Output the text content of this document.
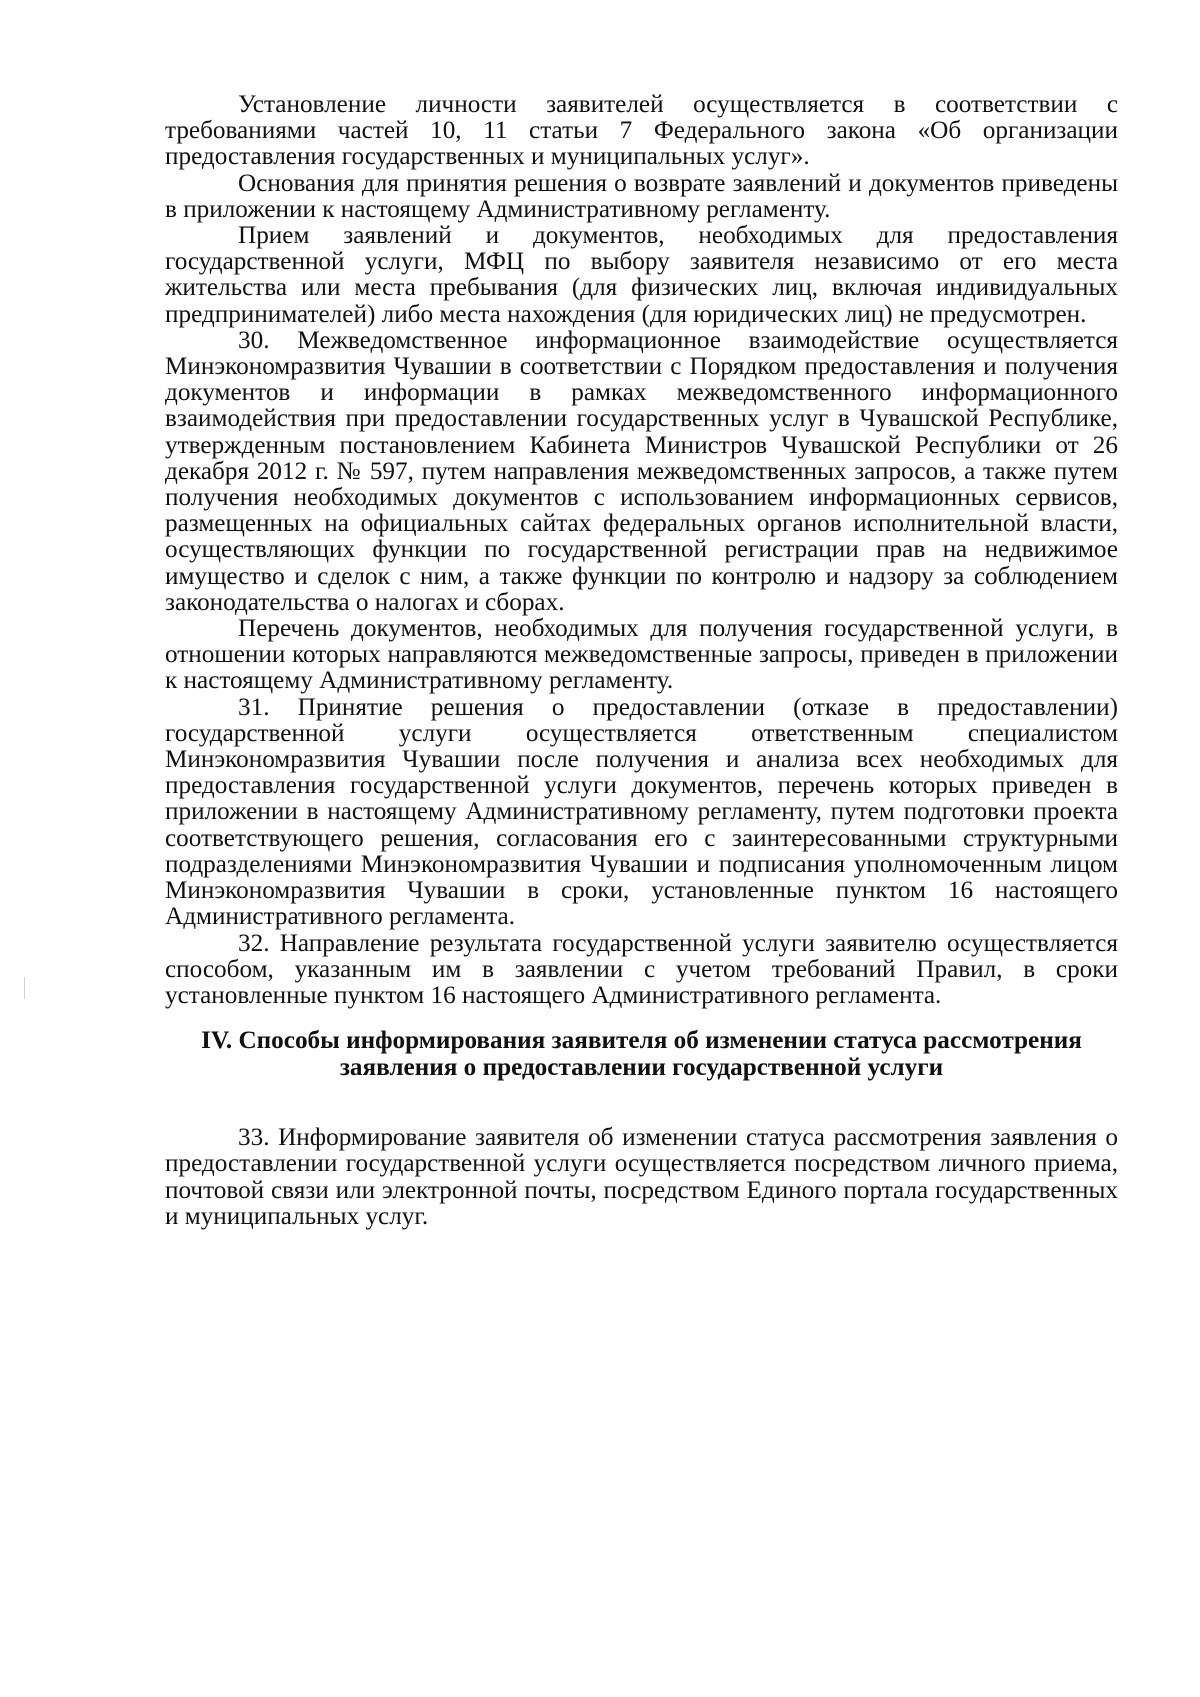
Установление личности заявителей осуществляется в соответствии с требованиями частей 10, 11 статьи 7 Федерального закона «Об организации предоставления государственных и муниципальных услуг».

Основания для принятия решения о возврате заявлений и документов приведены в приложении к настоящему Административному регламенту.

Прием заявлений и документов, необходимых для предоставления государственной услуги, МФЦ по выбору заявителя независимо от его места жительства или места пребывания (для физических лиц, включая индивидуальных предпринимателей) либо места нахождения (для юридических лиц) не предусмотрен.

30. Межведомственное информационное взаимодействие осуществляется Минэкономразвития Чувашии в соответствии с Порядком предоставления и получения документов и информации в рамках межведомственного информационного взаимодействия при предоставлении государственных услуг в Чувашской Республике, утвержденным постановлением Кабинета Министров Чувашской Республики от 26 декабря 2012 г. № 597, путем направления межведомственных запросов, а также путем получения необходимых документов с использованием информационных сервисов, размещенных на официальных сайтах федеральных органов исполнительной власти, осуществляющих функции по государственной регистрации прав на недвижимое имущество и сделок с ним, а также функции по контролю и надзору за соблюдением законодательства о налогах и сборах.

Перечень документов, необходимых для получения государственной услуги, в отношении которых направляются межведомственные запросы, приведен в приложении к настоящему Административному регламенту.

31. Принятие решения о предоставлении (отказе в предоставлении) государственной услуги осуществляется ответственным специалистом Минэкономразвития Чувашии после получения и анализа всех необходимых для предоставления государственной услуги документов, перечень которых приведен в приложении в настоящему Административному регламенту, путем подготовки проекта соответствующего решения, согласования его с заинтересованными структурными подразделениями Минэкономразвития Чувашии и подписания уполномоченным лицом Минэкономразвития Чувашии в сроки, установленные пунктом 16 настоящего Административного регламента.

32. Направление результата государственной услуги заявителю осуществляется способом, указанным им в заявлении с учетом требований Правил, в сроки установленные пунктом 16 настоящего Административного регламента.

IV. Способы информирования заявителя об изменении статуса рассмотрения заявления о предоставлении государственной услуги

33. Информирование заявителя об изменении статуса рассмотрения заявления о предоставлении государственной услуги осуществляется посредством личного приема, почтовой связи или электронной почты, посредством Единого портала государственных и муниципальных услуг.
